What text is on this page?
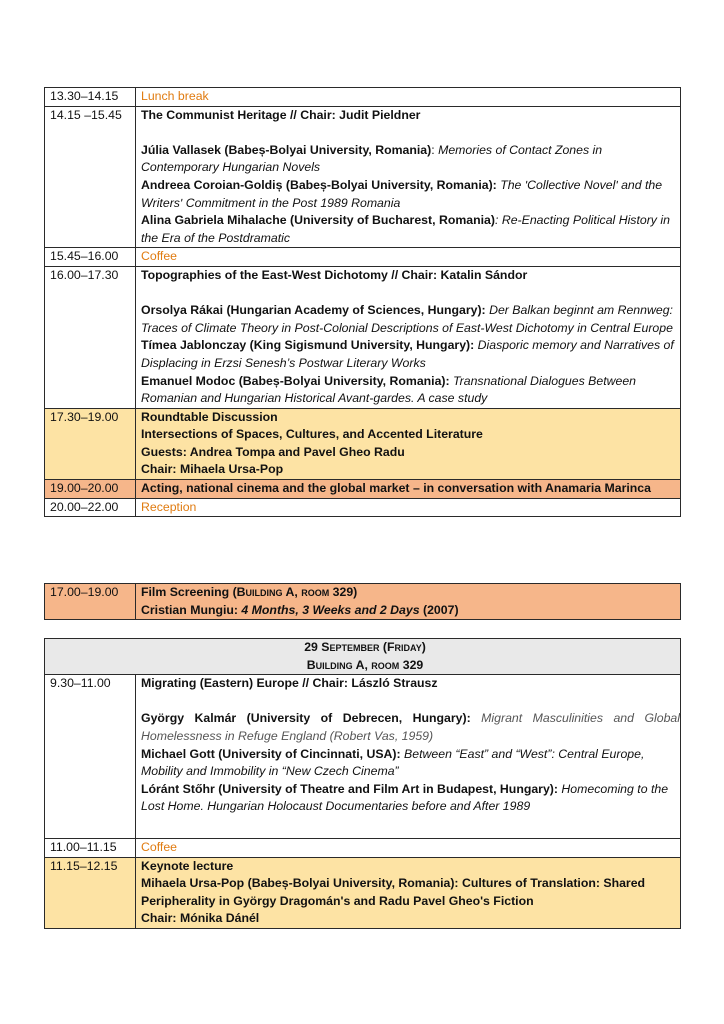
13.30–14.15	Lunch break
14.15 –15.45	The Communist Heritage // Chair: Judit Pieldner
Júlia Vallasek (Babeș-Bolyai University, Romania): Memories of Contact Zones in Contemporary Hungarian Novels
Andreea Coroian-Goldiș (Babeș-Bolyai University, Romania): The ʹCollective Novelʹ and the Writersʹ Commitment in the Post 1989 Romania
Alina Gabriela Mihalache (University of Bucharest, Romania): Re-Enacting Political History in the Era of the Postdramatic

15.45–16.00	Coffee
16.00–17.30	Topographies of the East-West Dichotomy // Chair: Katalin Sándor
Orsolya Rákai (Hungarian Academy of Sciences, Hungary): Der Balkan beginnt am Rennweg: Traces of Climate Theory in Post-Colonial Descriptions of East-West Dichotomy in Central Europe
Tímea Jablonczay (King Sigismund University, Hungary): Diasporic memory and Narratives of Displacing in Erzsi Senesh’s Postwar Literary Works
Emanuel Modoc (Babeș-Bolyai University, Romania): Transnational Dialogues Between Romanian and Hungarian Historical Avant-gardes. A case study

17.30–19.00	Roundtable Discussion
Intersections of Spaces, Cultures, and Accented Literature
Guests: Andrea Tompa and Pavel Gheo Radu
Chair: Mihaela Ursa-Pop

19.00–20.00	Acting, national cinema and the global market – in conversation with Anamaria Marinca
20.00–22.00	Reception
17.00–19.00	Film Screening (Building A, room 329)
Cristian Mungiu: 4 Months, 3 Weeks and 2 Days (2007)
29 September (Friday)
Building A, room 329	

9.30–11.00	Migrating (Eastern) Europe // Chair: László Strausz
György Kalmár (University of Debrecen, Hungary): Migrant Masculinities and Global Homelessness in Refuge England (Robert Vas, 1959)
Michael Gott (University of Cincinnati, USA): Between “East” and “West”: Central Europe, Mobility and Immobility in “New Czech Cinema”
Lóránt Stőhr (University of Theatre and Film Art in Budapest, Hungary): Homecoming to the Lost Home. Hungarian Holocaust Documentaries before and After 1989

11.00–11.15	Coffee
11.15–12.15	Keynote lecture
Mihaela Ursa-Pop (Babeș-Bolyai University, Romania): Cultures of Translation: Shared Peripherality in György Dragomán's and Radu Pavel Gheo's Fiction
Chair: Mónika Dánél
